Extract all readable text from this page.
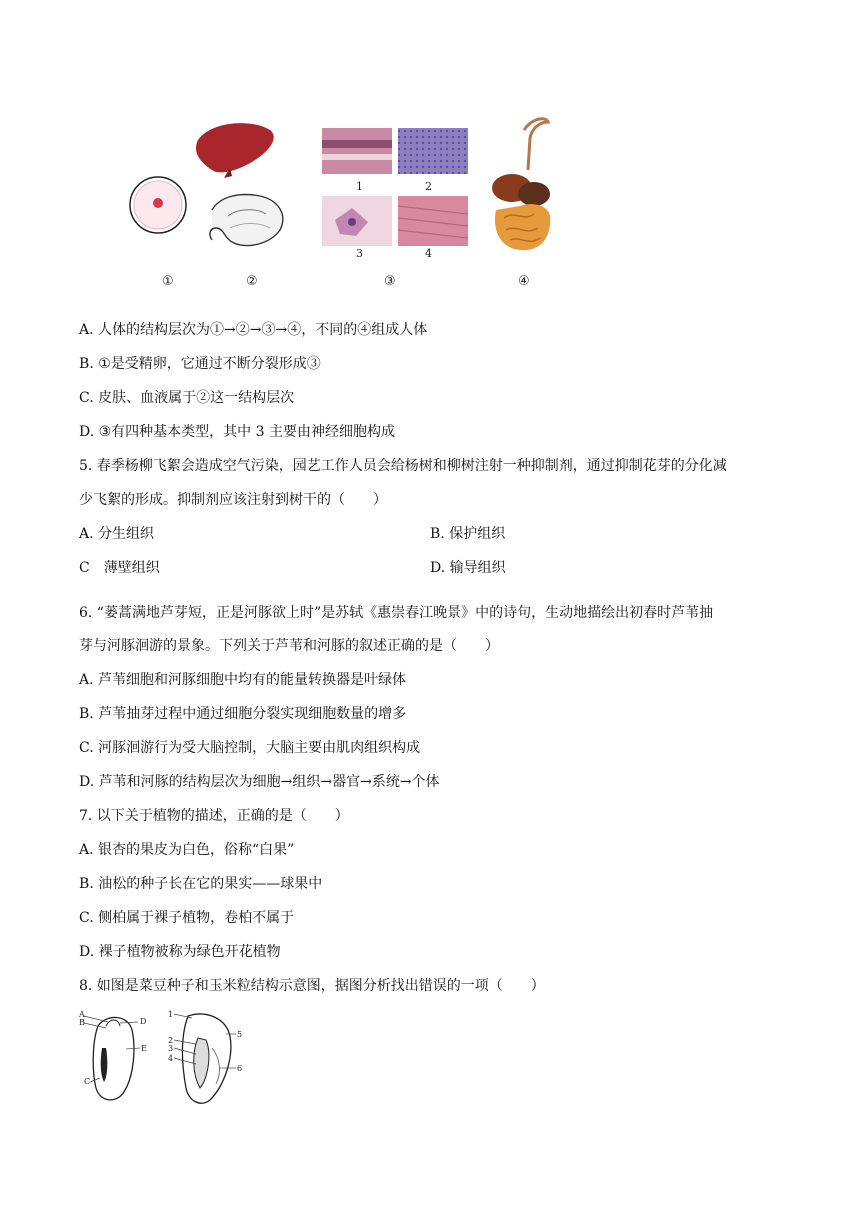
1	2
3	4
①	②	③	④
A. 人体的结构层次为①→②→③→④，不同的④组成人体
B. ①是受精卵，它通过不断分裂形成③
C. 皮肤、血液属于②这一结构层次
D. ③有四种基本类型，其中 3 主要由神经细胞构成
5. 春季杨柳飞絮会造成空气污染，园艺工作人员会给杨树和柳树注射一种抑制剂，通过抑制花芽的分化减
少飞絮的形成。抑制剂应该注射到树干的（　　）
A. 分生组织	B. 保护组织
C　薄壁组织	D. 输导组织
6. “蒌蒿满地芦芽短，正是河豚欲上时”是苏轼《惠崇春江晚景》中的诗句，生动地描绘出初春时芦苇抽
芽与河豚洄游的景象。下列关于芦苇和河豚的叙述正确的是（　　）
A. 芦苇细胞和河豚细胞中均有的能量转换器是叶绿体
B. 芦苇抽芽过程中通过细胞分裂实现细胞数量的增多
C. 河豚洄游行为受大脑控制，大脑主要由肌肉组织构成
D. 芦苇和河豚的结构层次为细胞→组织→器官→系统→个体
7. 以下关于植物的描述，正确的是（　　）
A. 银杏的果皮为白色，俗称“白果”
B. 油松的种子长在它的果实——球果中
C. 侧柏属于裸子植物，卷柏不属于
D. 裸子植物被称为绿色开花植物
8. 如图是菜豆种子和玉米粒结构示意图，据图分析找出错误的一项（　　）
A
B
C
D
E
1
2
3
4
5
6
